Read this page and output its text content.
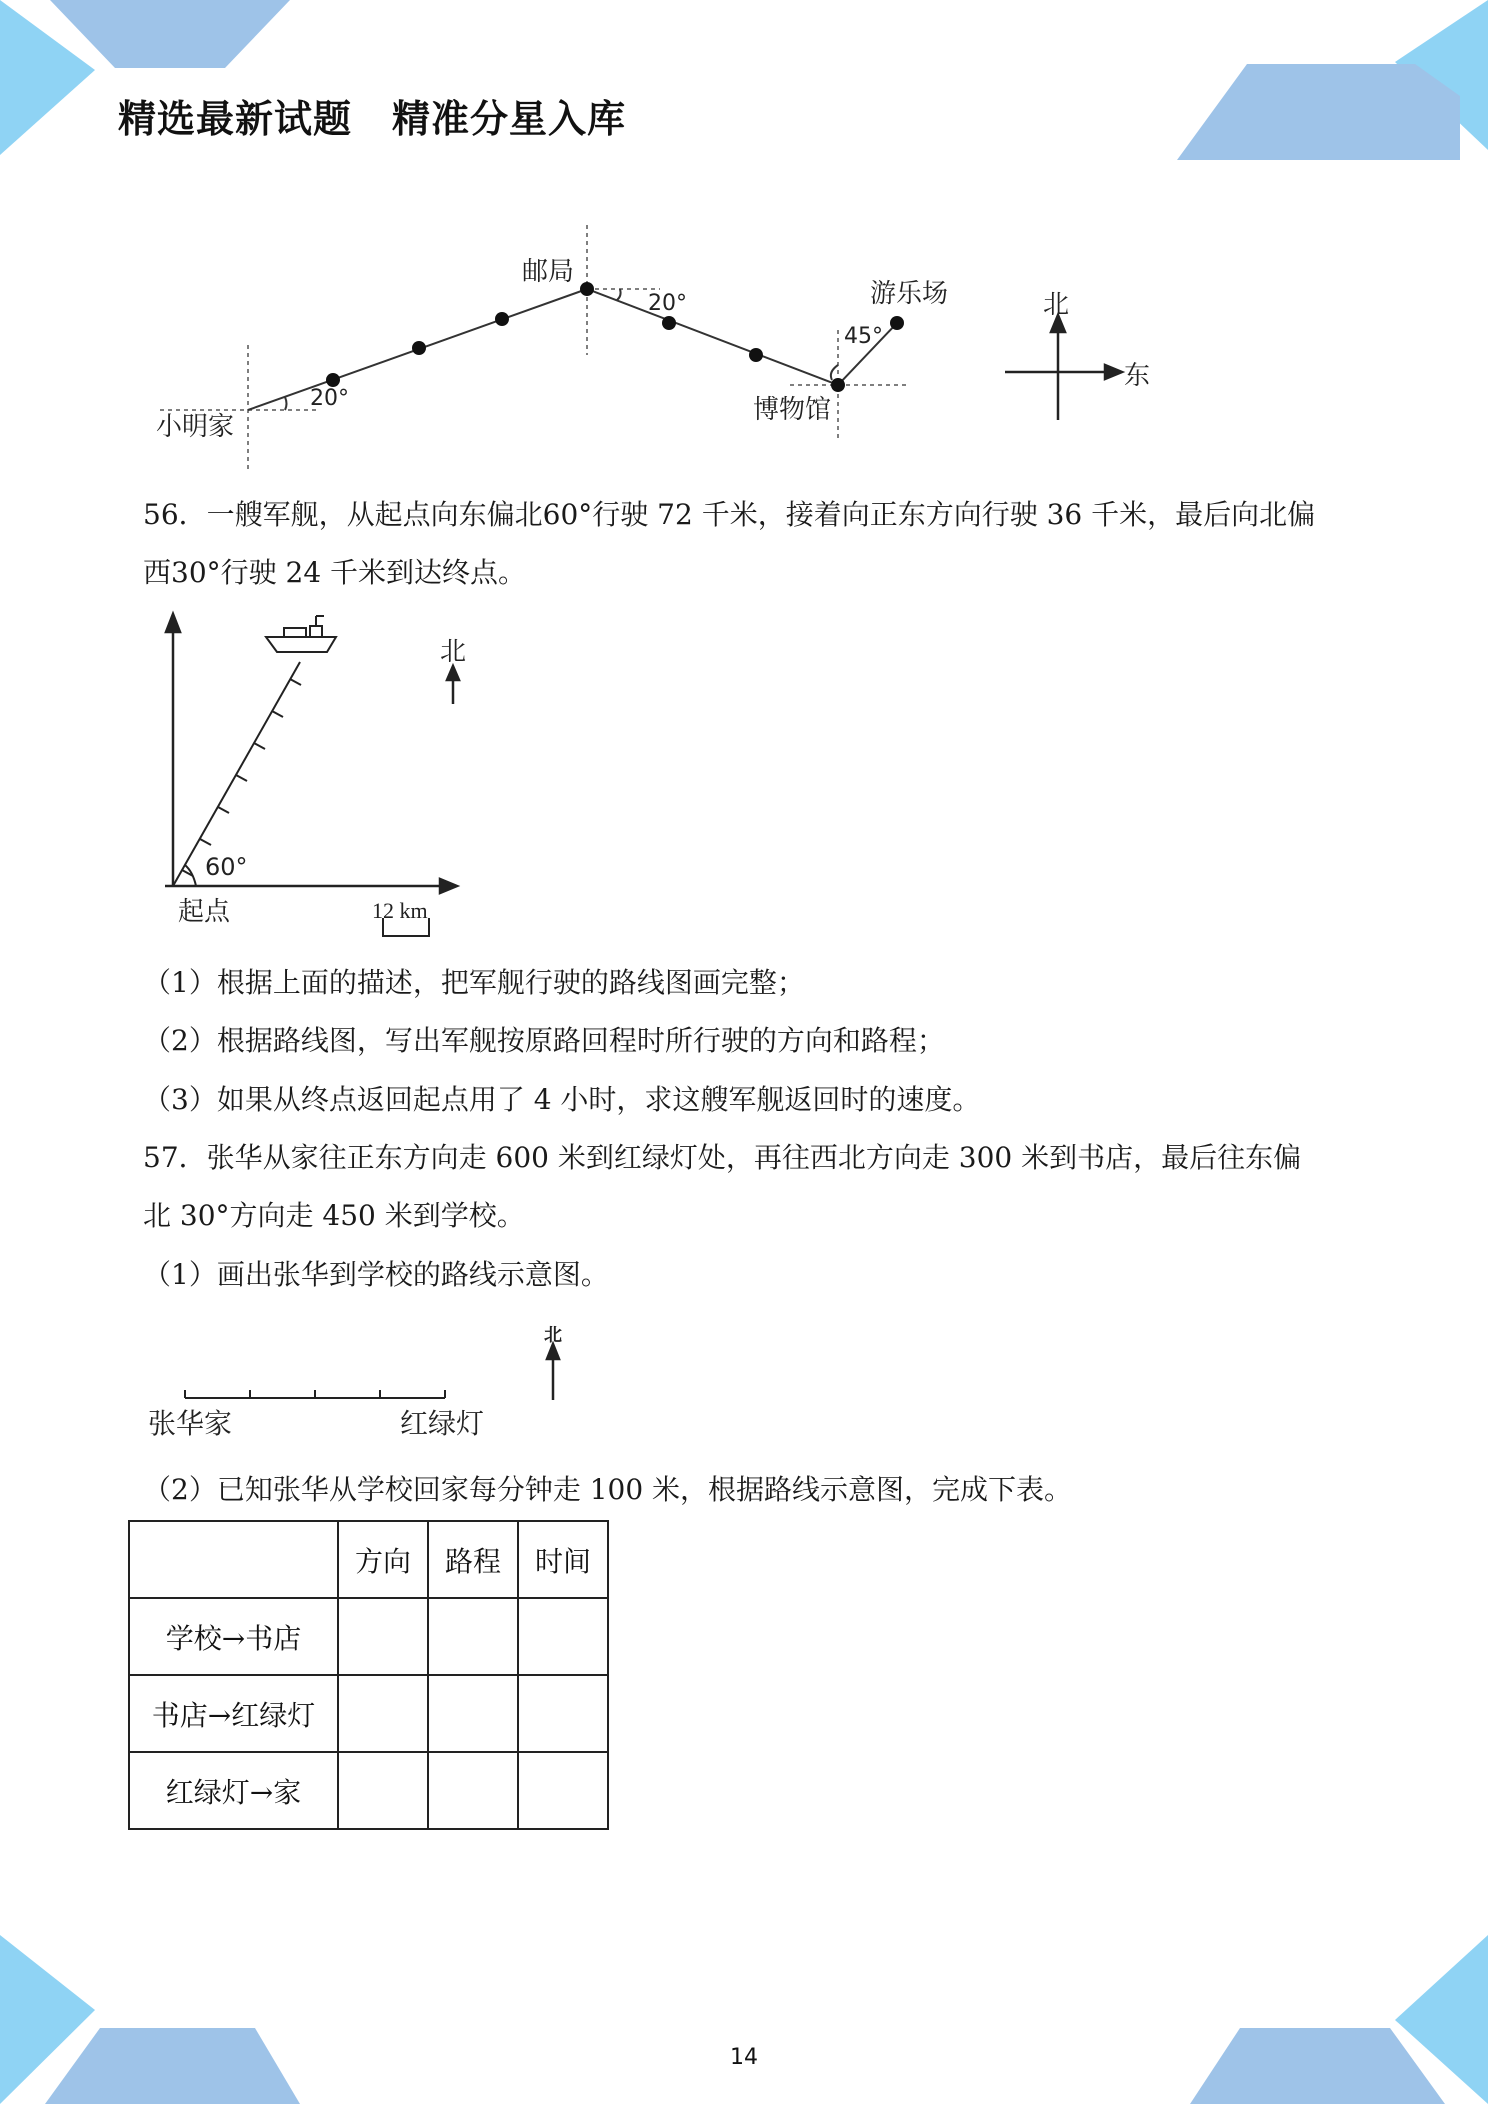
精选最新试题 精准分星入库
小明家
20°
邮局
20°
博物馆
45°
游乐场	北
东
56．一艘军舰，从起点向东偏北60°行驶 72 千米，接着向正东方向行驶 36 千米，最后向北偏
西30°行驶 24 千米到达终点。
北
60°
起点	12 km
（1）根据上面的描述，把军舰行驶的路线图画完整；
（2）根据路线图，写出军舰按原路回程时所行驶的方向和路程；
（3）如果从终点返回起点用了 4 小时，求这艘军舰返回时的速度。
57．张华从家往正东方向走 600 米到红绿灯处，再往西北方向走 300 米到书店，最后往东偏
北 30°方向走 450 米到学校。
（1）画出张华到学校的路线示意图。
北
张华家	红绿灯
（2）已知张华从学校回家每分钟走 100 米，根据路线示意图，完成下表。
	方向	路程	时间
学校→书店			
书店→红绿灯			
红绿灯→家			
14
